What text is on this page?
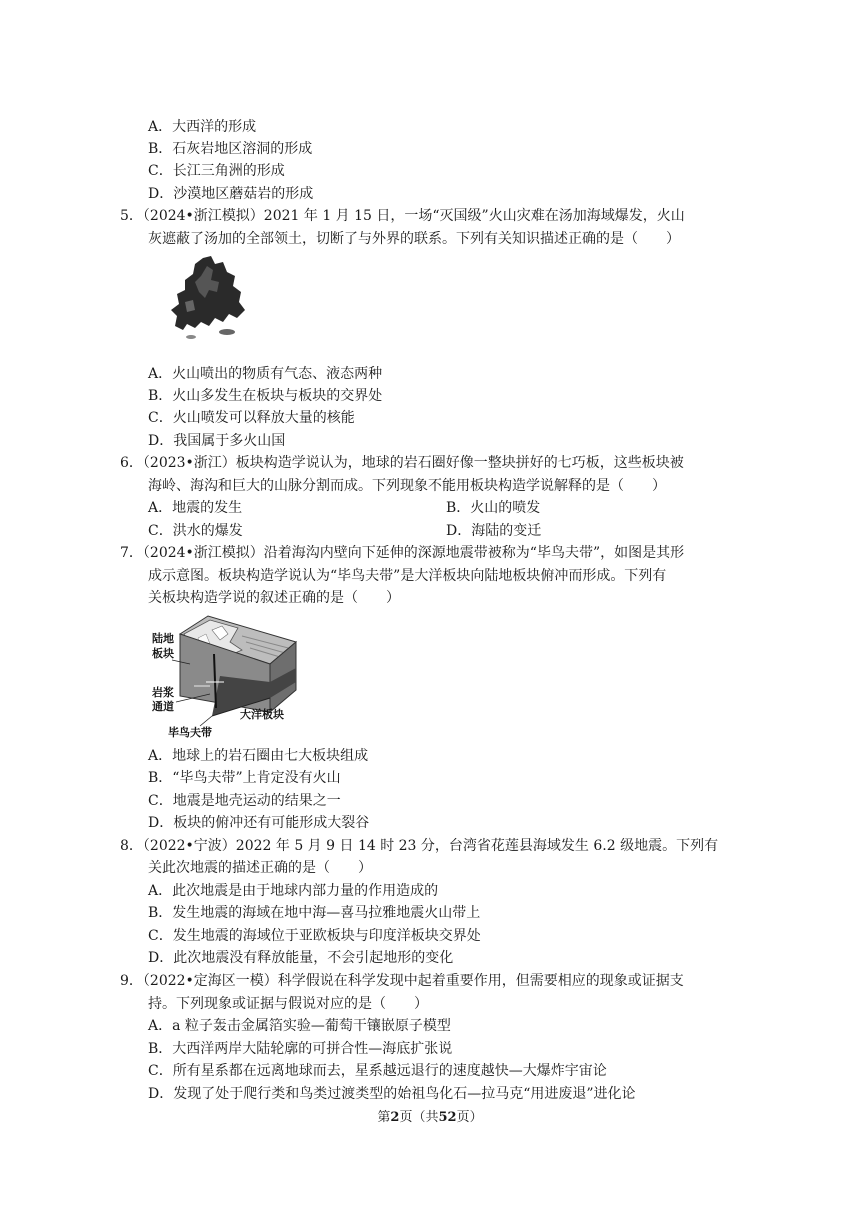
A．大西洋的形成
B．石灰岩地区溶洞的形成
C．长江三角洲的形成
D．沙漠地区蘑菇岩的形成
5．（2024•浙江模拟）2021 年 1 月 15 日，一场“灭国级”火山灾难在汤加海域爆发，火山
灰遮蔽了汤加的全部领土，切断了与外界的联系。下列有关知识描述正确的是（　　）
A．火山喷出的物质有气态、液态两种
B．火山多发生在板块与板块的交界处
C．火山喷发可以释放大量的核能
D．我国属于多火山国
6．（2023•浙江）板块构造学说认为，地球的岩石圈好像一整块拼好的七巧板，这些板块被
海岭、海沟和巨大的山脉分割而成。下列现象不能用板块构造学说解释的是（　　）
A．地震的发生	B．火山的喷发
C．洪水的爆发	D．海陆的变迁
7．（2024•浙江模拟）沿着海沟内壁向下延伸的深源地震带被称为“毕鸟夫带”，如图是其形
成示意图。板块构造学说认为“毕鸟夫带”是大洋板块向陆地板块俯冲而形成。下列有
关板块构造学说的叙述正确的是（　　）
陆地
板块
岩浆
通道
大洋板块
毕鸟夫带
A．地球上的岩石圈由七大板块组成
B．“毕鸟夫带”上肯定没有火山
C．地震是地壳运动的结果之一
D．板块的俯冲还有可能形成大裂谷
8．（2022•宁波）2022 年 5 月 9 日 14 时 23 分，台湾省花莲县海域发生 6.2 级地震。下列有
关此次地震的描述正确的是（　　）
A．此次地震是由于地球内部力量的作用造成的
B．发生地震的海域在地中海—喜马拉雅地震火山带上
C．发生地震的海域位于亚欧板块与印度洋板块交界处
D．此次地震没有释放能量，不会引起地形的变化
9．（2022•定海区一模）科学假说在科学发现中起着重要作用，但需要相应的现象或证据支
持。下列现象或证据与假说对应的是（　　）
A．a 粒子轰击金属箔实验—葡萄干镶嵌原子模型
B．大西洋两岸大陆轮廓的可拼合性—海底扩张说
C．所有星系都在远离地球而去，星系越远退行的速度越快—大爆炸宇宙论
D．发现了处于爬行类和鸟类过渡类型的始祖鸟化石—拉马克“用进废退”进化论
第2页（共52页）
